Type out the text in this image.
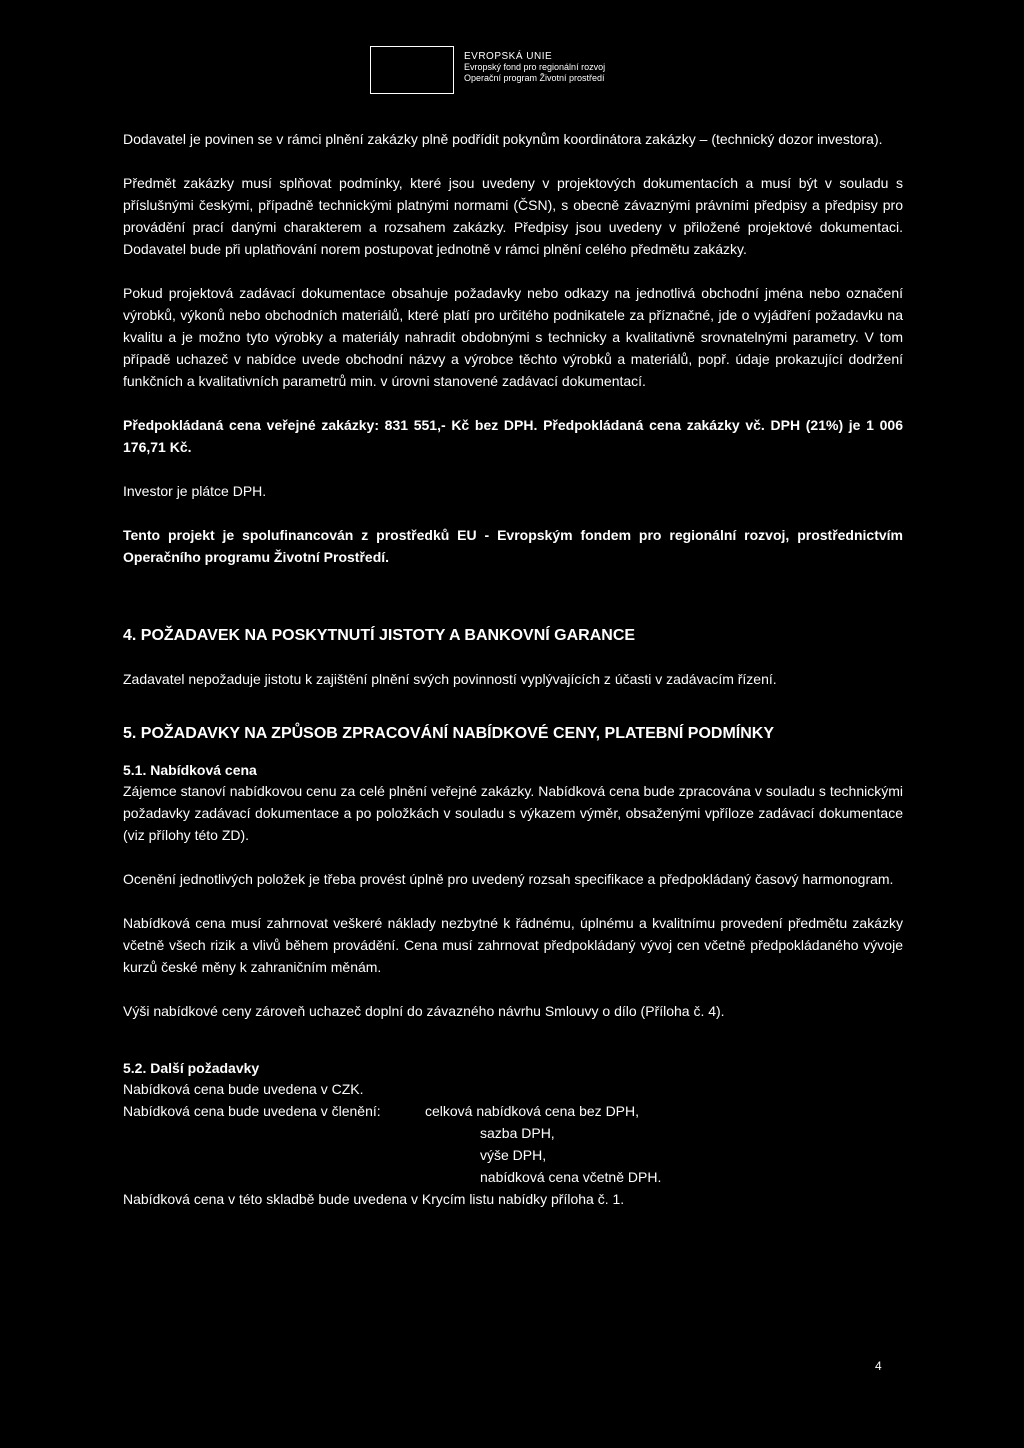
EVROPSKÁ UNIE
Evropský fond pro regionální rozvoj
Operační program Životní prostředí

Dodavatel je povinen se v rámci plnění zakázky plně podřídit pokynům koordinátora zakázky – (technický dozor investora).

Předmět zakázky musí splňovat podmínky, které jsou uvedeny v projektových dokumentacích a musí být v souladu s příslušnými českými, případně technickými platnými normami (ČSN), s obecně závaznými právními předpisy a předpisy pro provádění prací danými charakterem a rozsahem zakázky. Předpisy jsou uvedeny v přiložené projektové dokumentaci. Dodavatel bude při uplatňování norem postupovat jednotně v rámci plnění celého předmětu zakázky.

Pokud projektová zadávací dokumentace obsahuje požadavky nebo odkazy na jednotlivá obchodní jména nebo označení výrobků, výkonů nebo obchodních materiálů, které platí pro určitého podnikatele za příznačné, jde o vyjádření požadavku na kvalitu a je možno tyto výrobky a materiály nahradit obdobnými s technicky a kvalitativně srovnatelnými parametry. V tom případě uchazeč v nabídce uvede obchodní názvy a výrobce těchto výrobků a materiálů, popř. údaje prokazující dodržení funkčních a kvalitativních parametrů min. v úrovni stanovené zadávací dokumentací.

Předpokládaná cena veřejné zakázky: 831 551,- Kč bez DPH. Předpokládaná cena zakázky vč. DPH (21%) je 1 006 176,71 Kč.

Investor je plátce DPH.

Tento projekt je spolufinancován z prostředků EU - Evropským fondem pro regionální rozvoj, prostřednictvím Operačního programu Životní Prostředí.

4. POŽADAVEK NA POSKYTNUTÍ JISTOTY A BANKOVNÍ GARANCE

Zadavatel nepožaduje jistotu k zajištění plnění svých povinností vyplývajících z účasti v zadávacím řízení.

5. POŽADAVKY NA ZPŮSOB ZPRACOVÁNÍ NABÍDKOVÉ CENY, PLATEBNÍ PODMÍNKY
5.1. Nabídková cena

Zájemce stanoví nabídkovou cenu za celé plnění veřejné zakázky. Nabídková cena bude zpracována v souladu s technickými požadavky zadávací dokumentace a po položkách v souladu s výkazem výměr, obsaženými vpříloze zadávací dokumentace (viz přílohy této ZD).

Ocenění jednotlivých položek je třeba provést úplně pro uvedený rozsah specifikace a předpokládaný časový harmonogram.

Nabídková cena musí zahrnovat veškeré náklady nezbytné k řádnému, úplnému a kvalitnímu provedení předmětu zakázky včetně všech rizik a vlivů během provádění. Cena musí zahrnovat předpokládaný vývoj cen včetně předpokládaného vývoje kurzů české měny k zahraničním měnám.

Výši nabídkové ceny zároveň uchazeč doplní do závazného návrhu Smlouvy o dílo (Příloha č. 4).

5.2. Další požadavky
Nabídková cena bude uvedena v CZK.
Nabídková cena bude uvedena v členění:	celková nabídková cena bez DPH,
sazba DPH,
výše DPH,
nabídková cena včetně DPH.
Nabídková cena v této skladbě bude uvedena v Krycím listu nabídky příloha č. 1.
4
